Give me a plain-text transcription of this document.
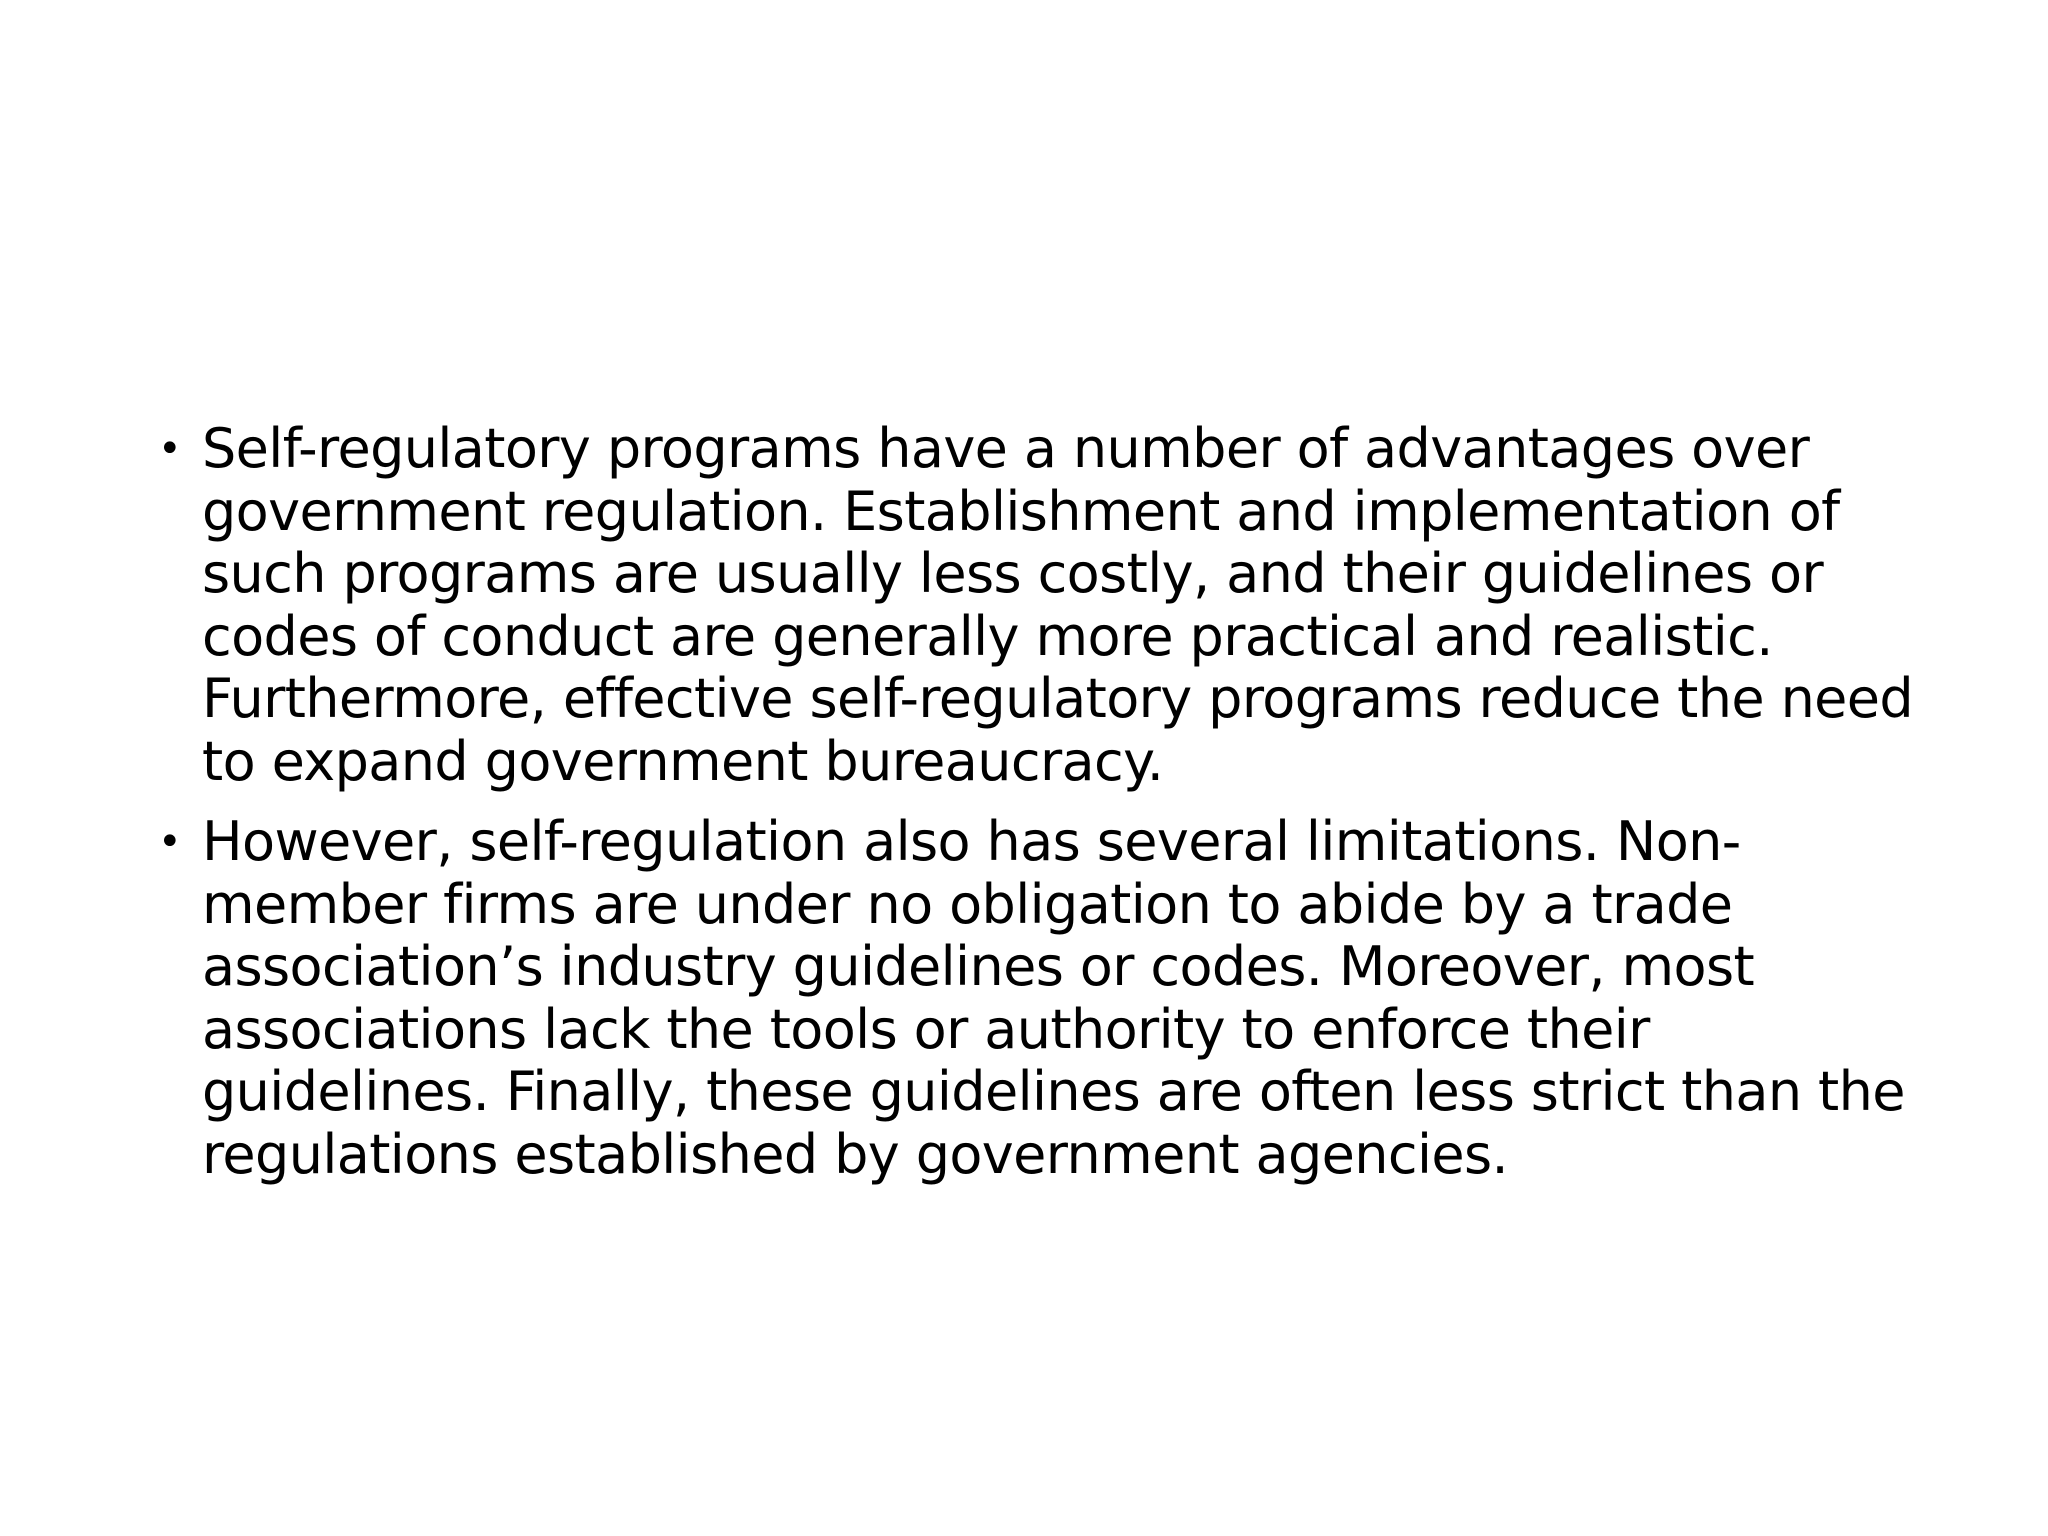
• Self-regulatory programs have a number of advantages over government regulation. Establishment and implementation of such programs are usually less costly, and their guidelines or codes of conduct are generally more practical and realistic. Furthermore, effective self-regulatory programs reduce the need to expand government bureaucracy.
• However, self-regulation also has several limitations. Non-member firms are under no obligation to abide by a trade association’s industry guidelines or codes. Moreover, most associations lack the tools or authority to enforce their guidelines. Finally, these guidelines are often less strict than the regulations established by government agencies.
